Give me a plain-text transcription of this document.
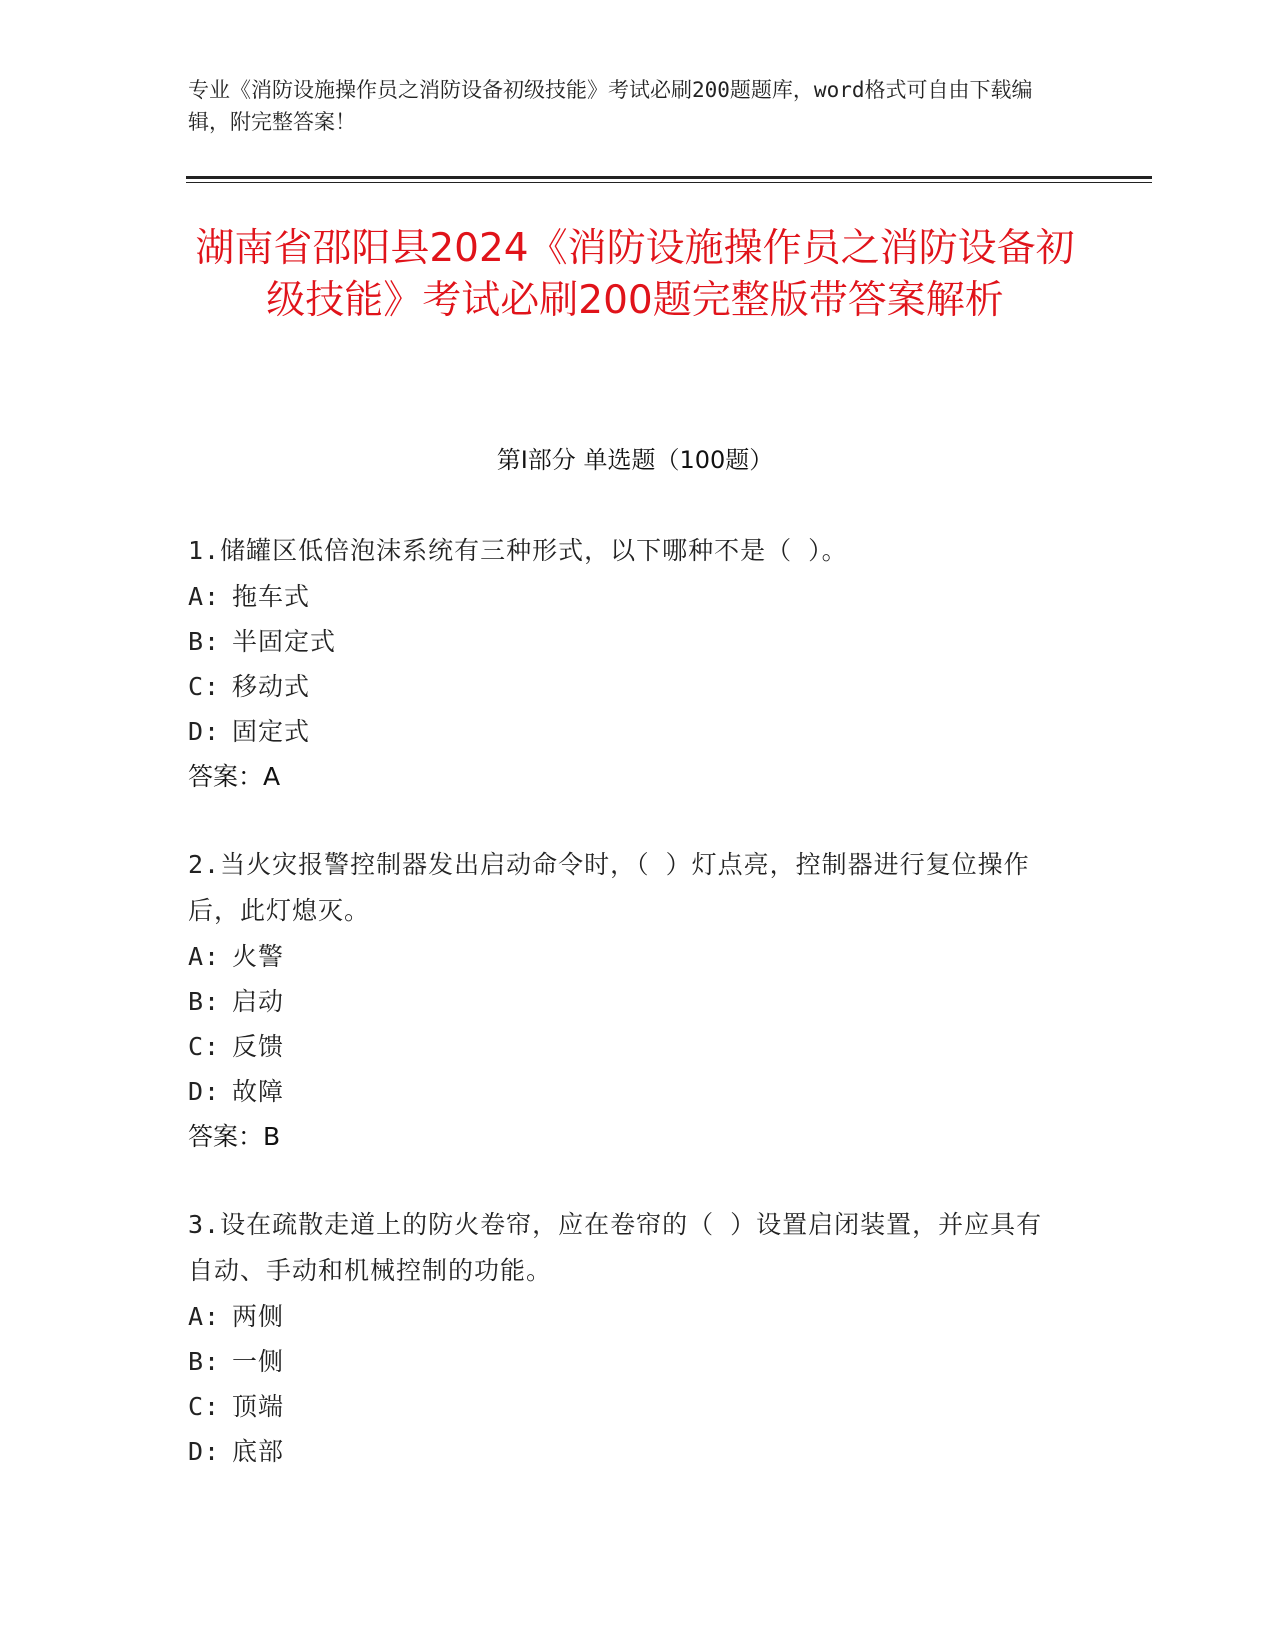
专业《消防设施操作员之消防设备初级技能》考试必刷200题题库，word格式可自由下载编辑，附完整答案！
湖南省邵阳县2024《消防设施操作员之消防设备初级技能》考试必刷200题完整版带答案解析
第Ⅰ部分 单选题（100题）
1.储罐区低倍泡沫系统有三种形式，以下哪种不是（ ）。
A: 拖车式
B: 半固定式
C: 移动式
D: 固定式
答案：A
2.当火灾报警控制器发出启动命令时，（ ）灯点亮，控制器进行复位操作后，此灯熄灭。
A: 火警
B: 启动
C: 反馈
D: 故障
答案：B
3.设在疏散走道上的防火卷帘，应在卷帘的（ ）设置启闭装置，并应具有自动、手动和机械控制的功能。
A: 两侧
B: 一侧
C: 顶端
D: 底部
